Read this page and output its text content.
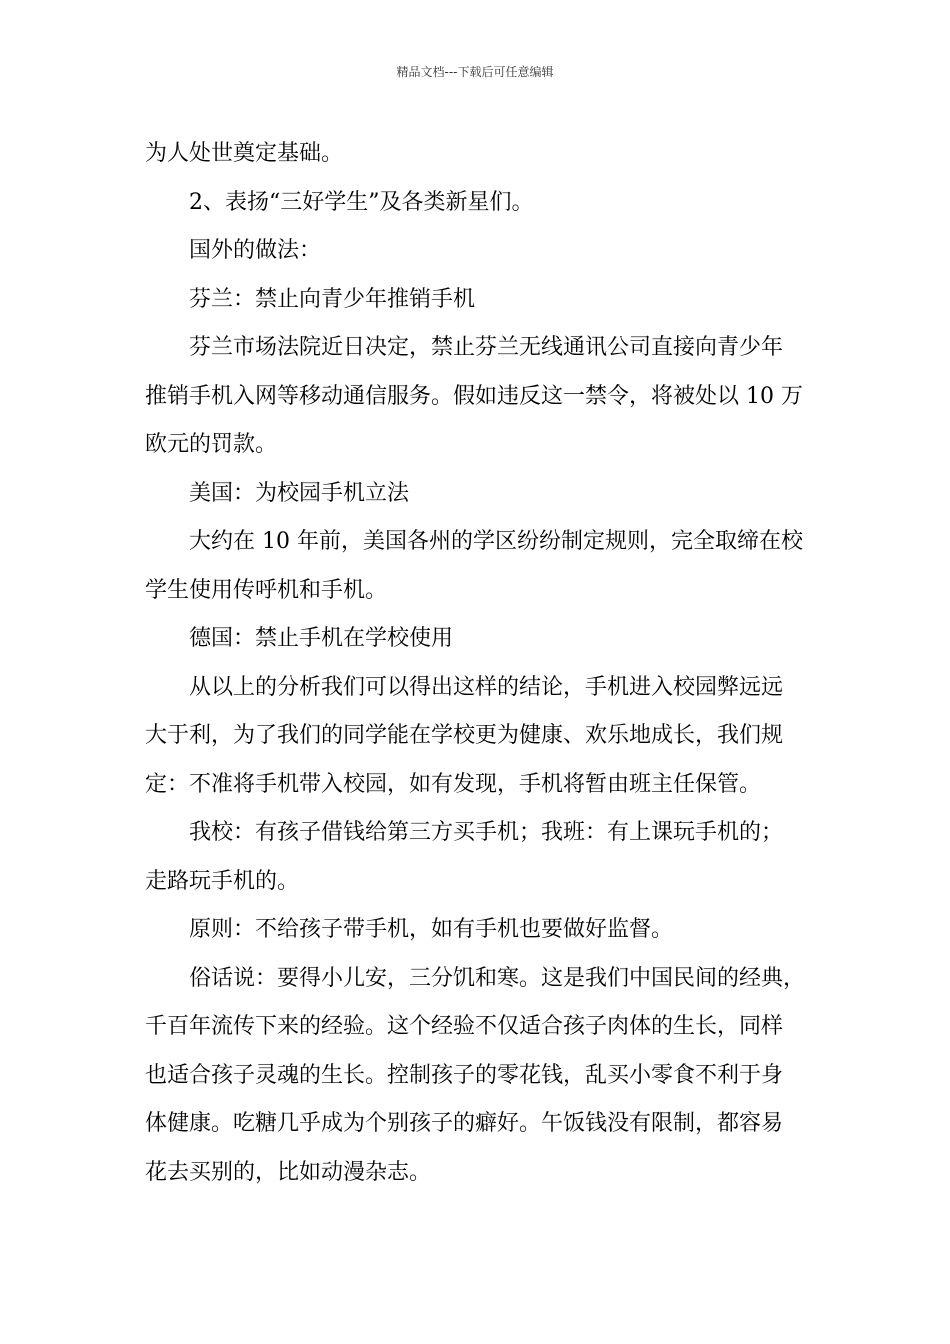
精品文档---下载后可任意编辑
为人处世奠定基础。
2、表扬“三好学生”及各类新星们。
国外的做法：
芬兰：禁止向青少年推销手机
芬兰市场法院近日决定，禁止芬兰无线通讯公司直接向青少年
推销手机入网等移动通信服务。假如违反这一禁令，将被处以 10 万
欧元的罚款。
美国：为校园手机立法
大约在 10 年前，美国各州的学区纷纷制定规则，完全取缔在校
学生使用传呼机和手机。
德国：禁止手机在学校使用
从以上的分析我们可以得出这样的结论，手机进入校园弊远远
大于利，为了我们的同学能在学校更为健康、欢乐地成长，我们规
定：不准将手机带入校园，如有发现，手机将暂由班主任保管。
我校：有孩子借钱给第三方买手机；我班：有上课玩手机的；
走路玩手机的。
原则：不给孩子带手机，如有手机也要做好监督。
俗话说：要得小儿安，三分饥和寒。这是我们中国民间的经典，
千百年流传下来的经验。这个经验不仅适合孩子肉体的生长，同样
也适合孩子灵魂的生长。控制孩子的零花钱，乱买小零食不利于身
体健康。吃糖几乎成为个别孩子的癖好。午饭钱没有限制，都容易
花去买别的，比如动漫杂志。
